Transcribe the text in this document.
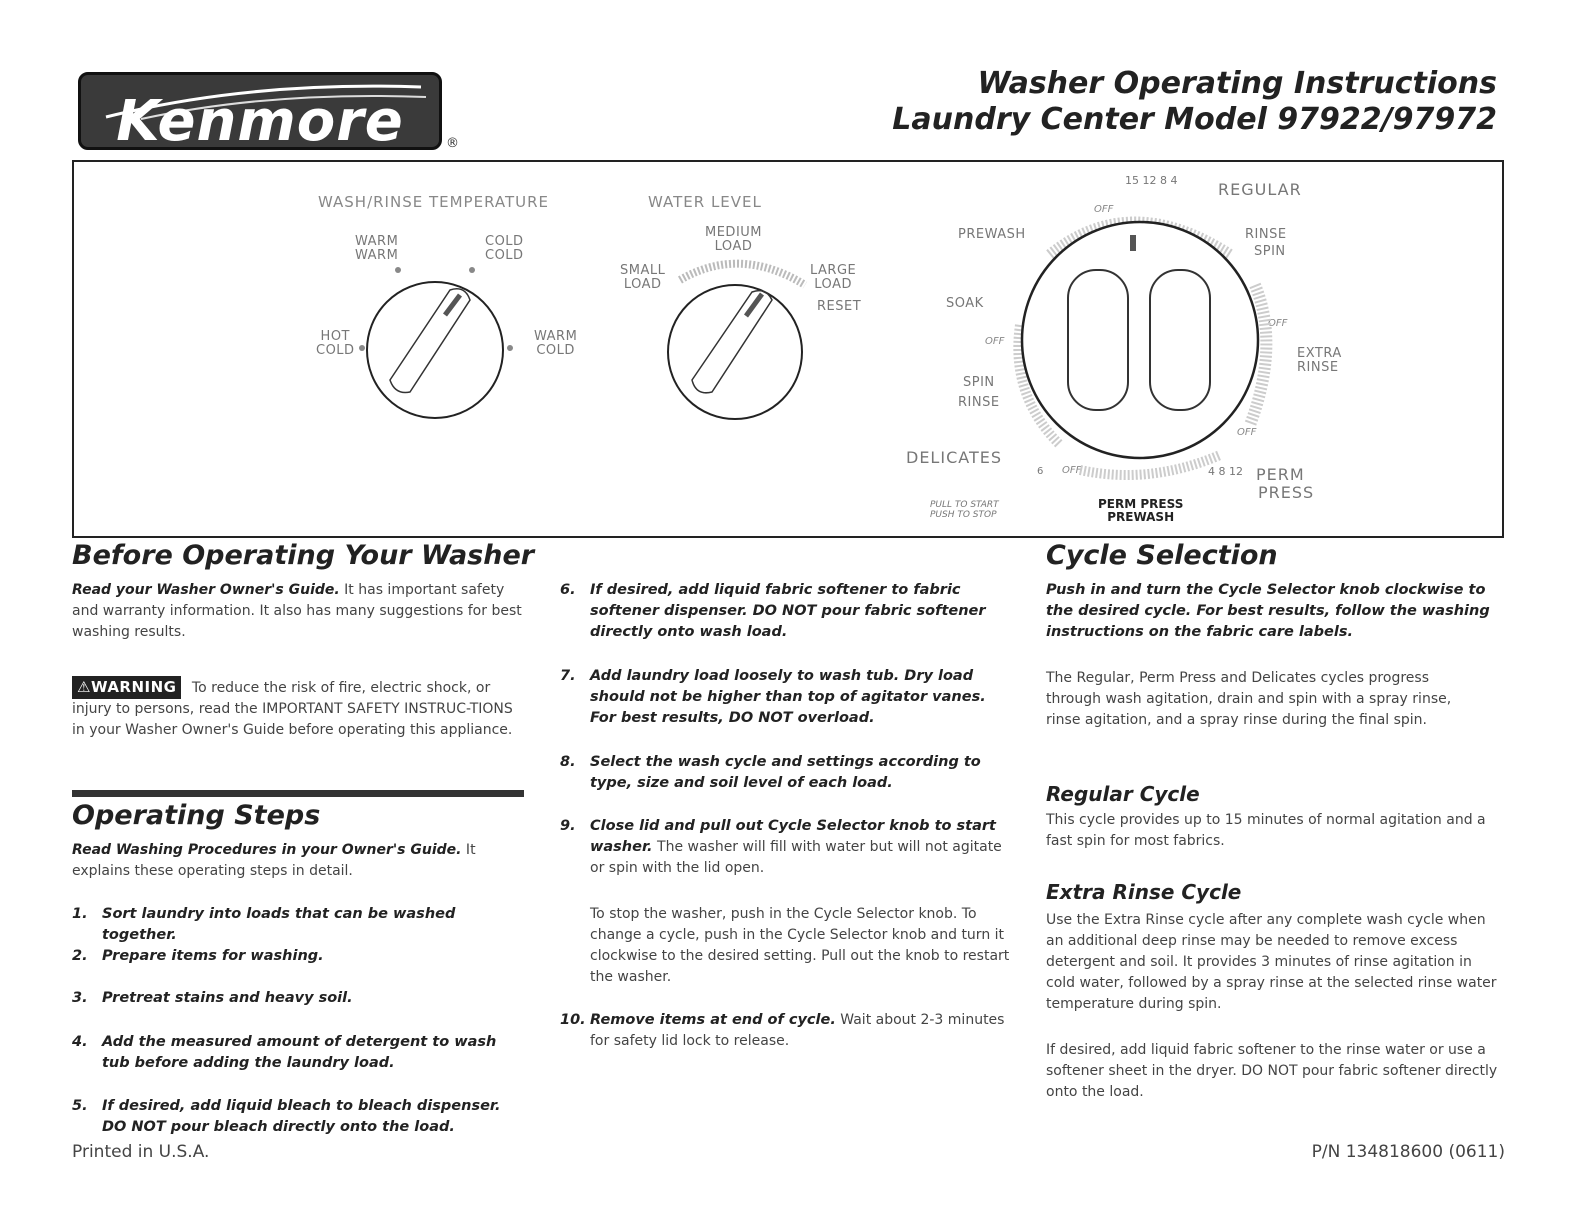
Kenmore	®
Washer Operating Instructions
Laundry Center Model 97922/97972
WASH/RINSE TEMPERATURE
WARM
WARM
COLD
COLD
HOT
COLD
WARM
COLD
WATER LEVEL
MEDIUM
LOAD
SMALL
LOAD
LARGE
LOAD
RESET
15 12 8 4	REGULAR
OFF
PREWASH	RINSE
SPIN
SOAK
OFF
OFF
EXTRA
RINSE
SPIN
RINSE
OFF
DELICATES
6 OFF	4 8 12 PERM
PRESS
PULL TO START
PUSH TO STOP
PERM PRESS
PREWASH
Before Operating Your Washer
Read your Washer Owner's Guide. It has important safety and warranty information. It also has many suggestions for best washing results.
⚠WARNING To reduce the risk of fire, electric shock, or injury to persons, read the IMPORTANT SAFETY INSTRUC-TIONS in your Washer Owner's Guide before operating this appliance.
Operating Steps
Read Washing Procedures in your Owner's Guide. It explains these operating steps in detail.
1. Sort laundry into loads that can be washed together.
2. Prepare items for washing.
3. Pretreat stains and heavy soil.
4. Add the measured amount of detergent to wash tub before adding the laundry load.
5. If desired, add liquid bleach to bleach dispenser. DO NOT pour bleach directly onto the load.
Printed in U.S.A.
6. If desired, add liquid fabric softener to fabric softener dispenser. DO NOT pour fabric softener directly onto wash load.
7. Add laundry load loosely to wash tub. Dry load should not be higher than top of agitator vanes. For best results, DO NOT overload.
8. Select the wash cycle and settings according to type, size and soil level of each load.
9. Close lid and pull out Cycle Selector knob to start washer. The washer will fill with water but will not agitate or spin with the lid open.
To stop the washer, push in the Cycle Selector knob. To change a cycle, push in the Cycle Selector knob and turn it clockwise to the desired setting. Pull out the knob to restart the washer.
10. Remove items at end of cycle. Wait about 2-3 minutes for safety lid lock to release.
Cycle Selection
Push in and turn the Cycle Selector knob clockwise to the desired cycle. For best results, follow the washing instructions on the fabric care labels.
The Regular, Perm Press and Delicates cycles progress through wash agitation, drain and spin with a spray rinse, rinse agitation, and a spray rinse during the final spin.
Regular Cycle
This cycle provides up to 15 minutes of normal agitation and a fast spin for most fabrics.
Extra Rinse Cycle
Use the Extra Rinse cycle after any complete wash cycle when an additional deep rinse may be needed to remove excess detergent and soil. It provides 3 minutes of rinse agitation in cold water, followed by a spray rinse at the selected rinse water temperature during spin.
If desired, add liquid fabric softener to the rinse water or use a softener sheet in the dryer. DO NOT pour fabric softener directly onto the load.
P/N 134818600 (0611)
